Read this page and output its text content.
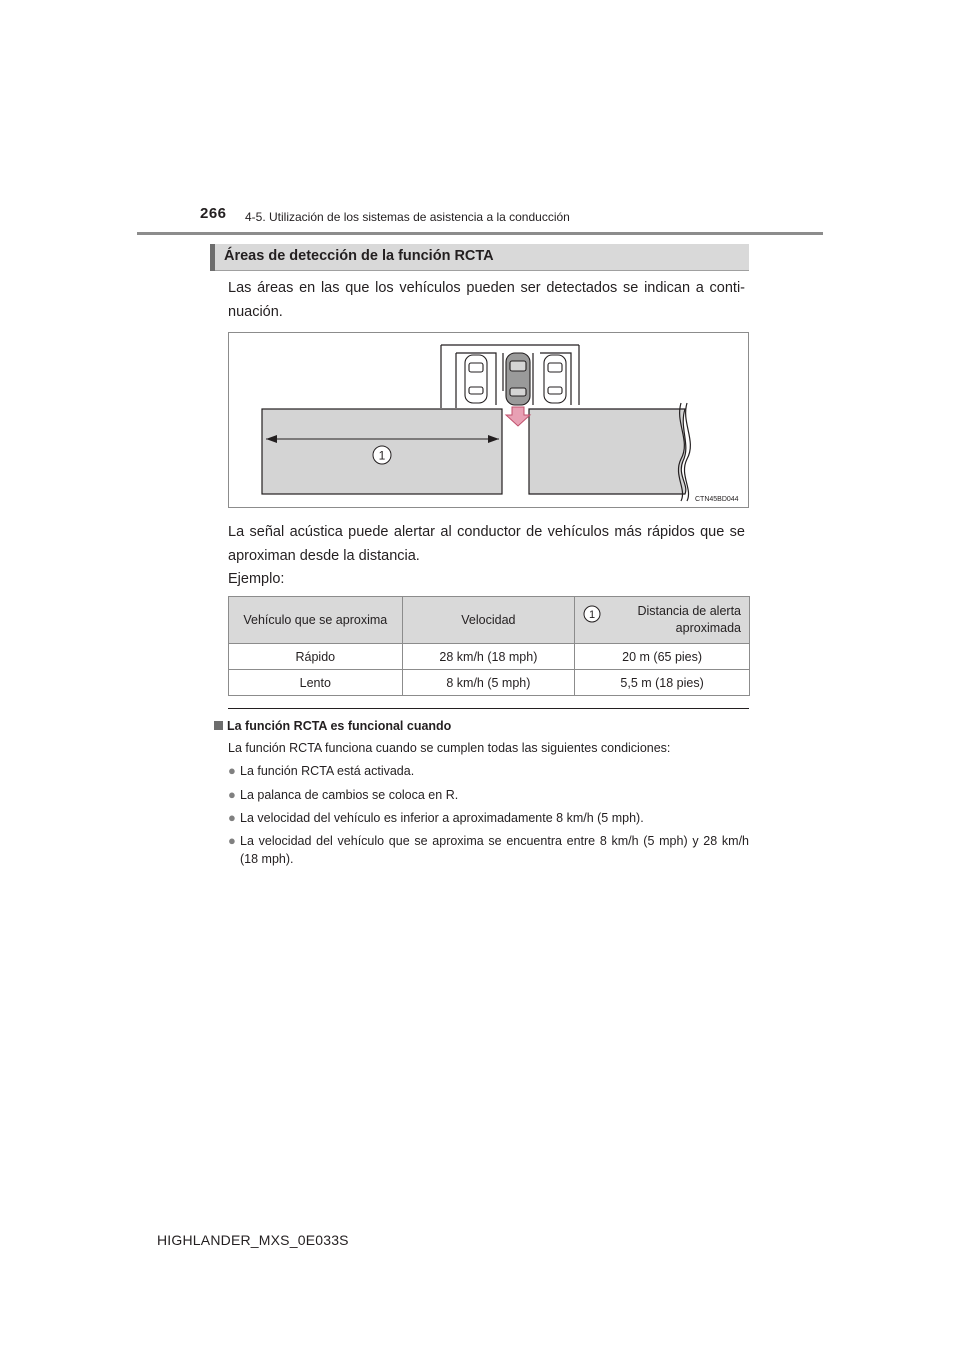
266 4-5. Utilización de los sistemas de asistencia a la conducción
Áreas de detección de la función RCTA
Las áreas en las que los vehículos pueden ser detectados se indican a conti-nuación.
1
CTN45BD044
La señal acústica puede alertar al conductor de vehículos más rápidos que se aproximan desde la distancia.
Ejemplo:
Vehículo que se aproxima	Velocidad	1 Distancia de alerta aproximada

Rápido	28 km/h (18 mph)	20 m (65 pies)
Lento	8 km/h (5 mph)	5,5 m (18 pies)
La función RCTA es funcional cuando
La función RCTA funciona cuando se cumplen todas las siguientes condiciones:
● La función RCTA está activada.
● La palanca de cambios se coloca en R.
● La velocidad del vehículo es inferior a aproximadamente 8 km/h (5 mph).
● La velocidad del vehículo que se aproxima se encuentra entre 8 km/h (5 mph) y 28 km/h (18 mph).
HIGHLANDER_MXS_0E033S
